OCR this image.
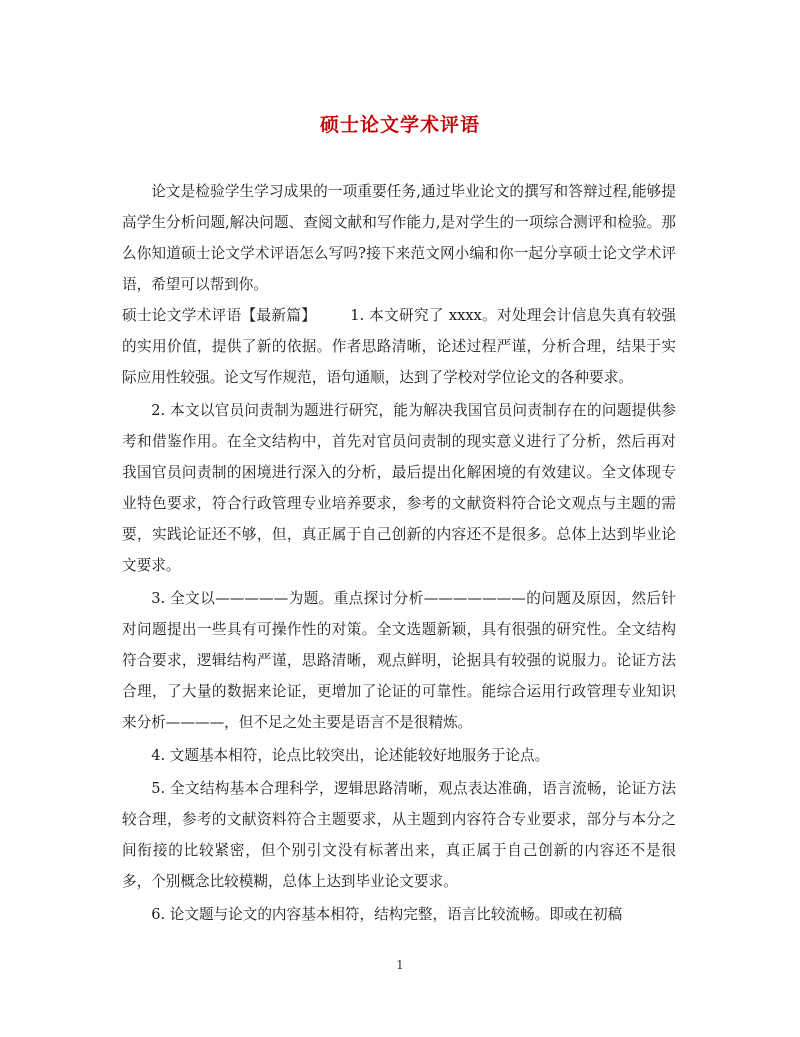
硕士论文学术评语

论文是检验学生学习成果的一项重要任务,通过毕业论文的撰写和答辩过程,能够提高学生分析问题,解决问题、查阅文献和写作能力,是对学生的一项综合测评和检验。那么你知道硕士论文学术评语怎么写吗?接下来范文网小编和你一起分享硕士论文学术评语，希望可以帮到你。

硕士论文学术评语【最新篇】 1. 本文研究了 xxxx。对处理会计信息失真有较强的实用价值，提供了新的依据。作者思路清晰，论述过程严谨，分析合理，结果于实际应用性较强。论文写作规范，语句通顺，达到了学校对学位论文的各种要求。

2. 本文以官员问责制为题进行研究，能为解决我国官员问责制存在的问题提供参考和借鉴作用。在全文结构中，首先对官员问责制的现实意义进行了分析，然后再对我国官员问责制的困境进行深入的分析，最后提出化解困境的有效建议。全文体现专业特色要求，符合行政管理专业培养要求，参考的文献资料符合论文观点与主题的需要，实践论证还不够，但，真正属于自己创新的内容还不是很多。总体上达到毕业论文要求。

3. 全文以—————为题。重点探讨分析———————的问题及原因，然后针对问题提出一些具有可操作性的对策。全文选题新颖，具有很强的研究性。全文结构符合要求，逻辑结构严谨，思路清晰，观点鲜明，论据具有较强的说服力。论证方法合理，了大量的数据来论证，更增加了论证的可靠性。能综合运用行政管理专业知识来分析————，但不足之处主要是语言不是很精炼。

4. 文题基本相符，论点比较突出，论述能较好地服务于论点。

5. 全文结构基本合理科学，逻辑思路清晰，观点表达准确，语言流畅，论证方法较合理，参考的文献资料符合主题要求，从主题到内容符合专业要求，部分与本分之间衔接的比较紧密，但个别引文没有标著出来，真正属于自己创新的内容还不是很多，个别概念比较模糊，总体上达到毕业论文要求。

6. 论文题与论文的内容基本相符，结构完整，语言比较流畅。即或在初稿

1
